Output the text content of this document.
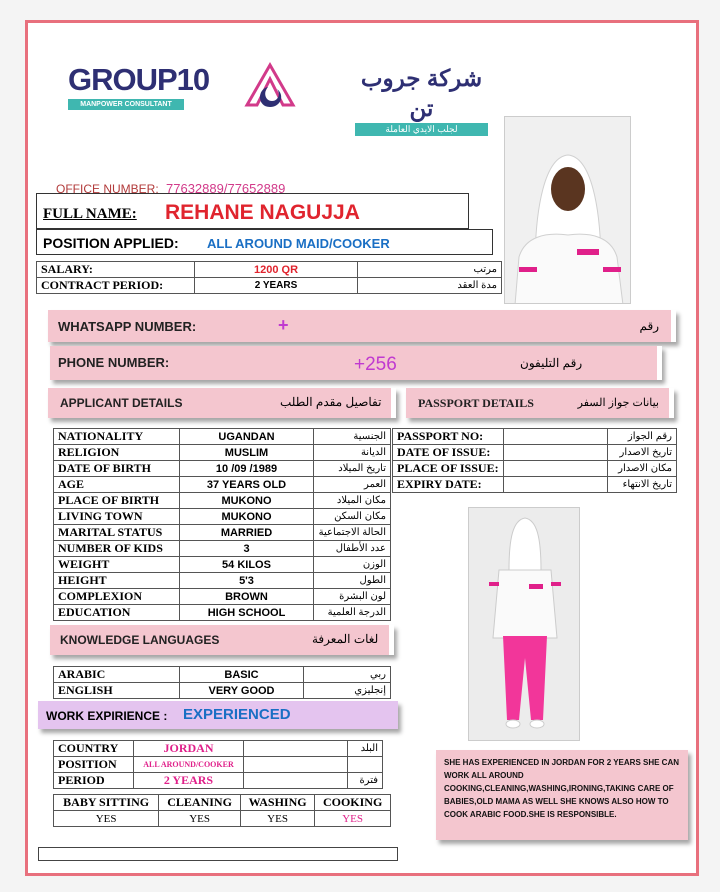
GROUP10
MANPOWER CONSULTANT
شركة جروب تن
لجلب الايدي العاملة
OFFICE NUMBER: 77632889/77652889
FULL NAME: REHANE NAGUJJA
POSITION APPLIED: ALL AROUND MAID/COOKER
SALARY:	1200 QR	مرتب
CONTRACT PERIOD:	2 YEARS	مدة العقد
WHATSAPP NUMBER:	+	رقم
PHONE NUMBER:	+256	رقم التليفون
APPLICANT DETAILS	تفاصيل مقدم الطلب	PASSPORT DETAILS	بيانات جواز السفر
NATIONALITY	UGANDAN	الجنسية
RELIGION	MUSLIM	الديانة
DATE OF BIRTH	10 /09 /1989	تاريخ الميلاد
AGE	37 YEARS OLD	العمر
PLACE OF BIRTH	MUKONO	مكان الميلاد
LIVING TOWN	MUKONO	مكان السكن
MARITAL STATUS	MARRIED	الحالة الاجتماعية
NUMBER OF KIDS	3	عدد الأطفال
WEIGHT	54 KILOS	الوزن
HEIGHT	5'3	الطول
COMPLEXION	BROWN	لون البشرة
EDUCATION	HIGH SCHOOL	الدرجة العلمية
PASSPORT NO:		رقم الجواز
DATE OF ISSUE:		تاريخ الاصدار
PLACE OF ISSUE:		مكان الاصدار
EXPIRY DATE:		تاريخ الانتهاء
KNOWLEDGE LANGUAGES	لغات المعرفة
ARABIC	BASIC	ربي
ENGLISH	VERY GOOD	إنجليزي
WORK EXPIRIENCE : EXPERIENCED
COUNTRY	JORDAN		البلد
POSITION	ALL AROUND/COOKER		
PERIOD	2 YEARS		فترة
BABY SITTING	CLEANING	WASHING	COOKING
YES	YES	YES	YES
SHE HAS EXPERIENCED IN JORDAN FOR 2 YEARS SHE CAN WORK ALL AROUND COOKING,CLEANING,WASHING,IRONING,TAKING CARE OF BABIES,OLD MAMA AS WELL SHE KNOWS ALSO HOW TO COOK ARABIC FOOD.SHE IS RESPONSIBLE.
